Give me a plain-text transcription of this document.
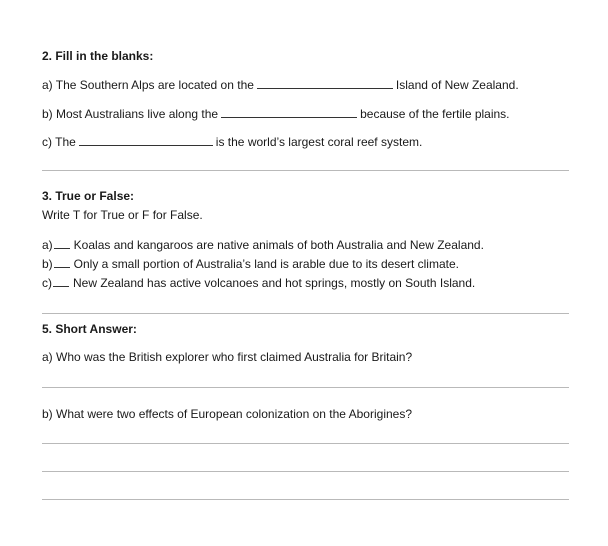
2. Fill in the blanks:
a) The Southern Alps are located on the	Island of New Zealand.
b) Most Australians live along the	because of the fertile plains.
c) The	is the world’s largest coral reef system.
3. True or False:
Write T for True or F for False.
a) Koalas and kangaroos are native animals of both Australia and New Zealand.
b) Only a small portion of Australia’s land is arable due to its desert climate.
c) New Zealand has active volcanoes and hot springs, mostly on South Island.
5. Short Answer:
a) Who was the British explorer who first claimed Australia for Britain?
b) What were two effects of European colonization on the Aborigines?
